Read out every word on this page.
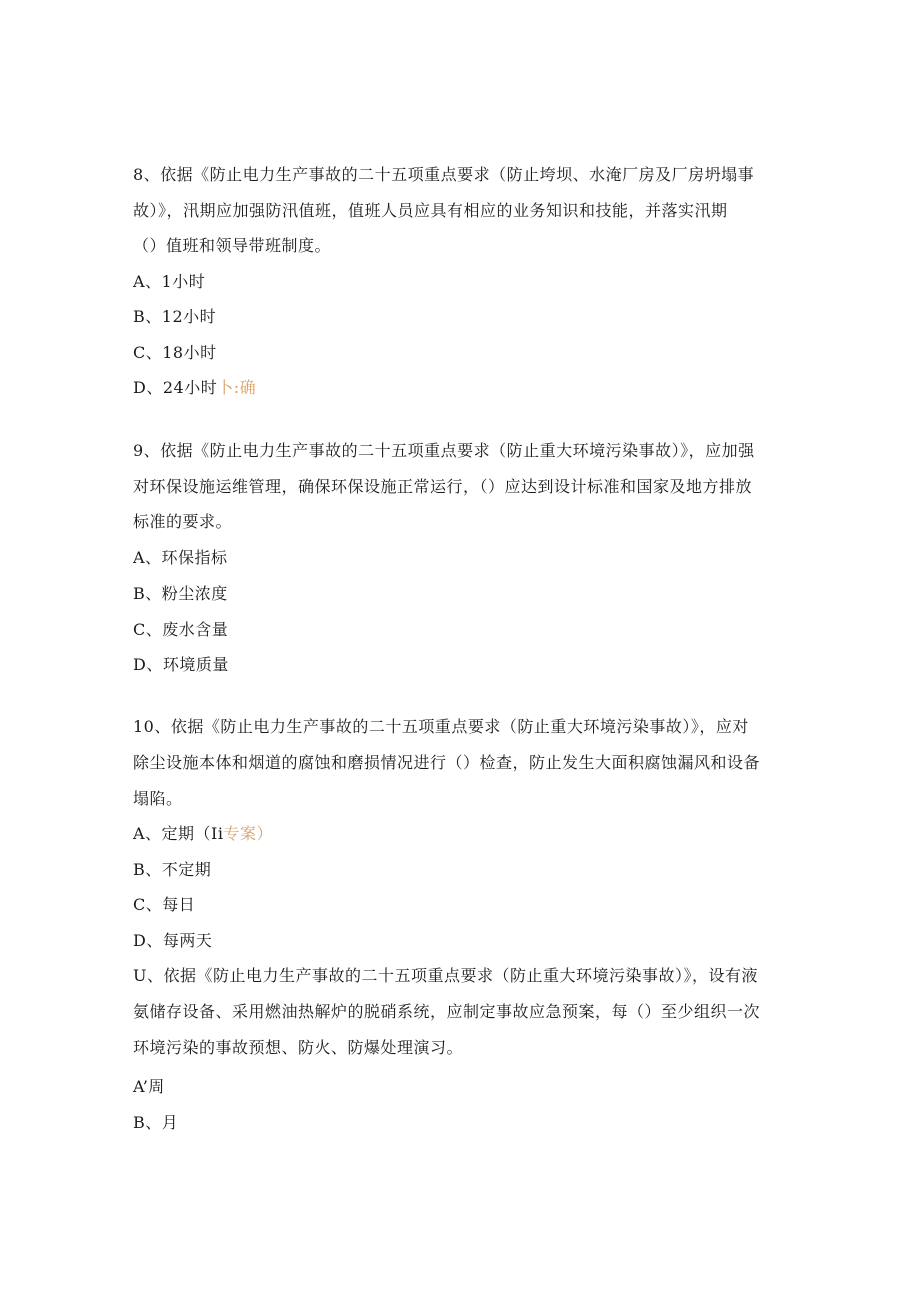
8、依据《防止电力生产事故的二十五项重点要求（防止垮坝、水淹厂房及厂房坍塌事
故）》，汛期应加强防汛值班，值班人员应具有相应的业务知识和技能，并落实汛期
（）值班和领导带班制度。
A、1小时
B、12小时
C、18小时
D、24小时卜:确
9、依据《防止电力生产事故的二十五项重点要求（防止重大环境污染事故）》，应加强
对环保设施运维管理，确保环保设施正常运行，（）应达到设计标准和国家及地方排放
标准的要求。
A、环保指标
B、粉尘浓度
C、废水含量
D、环境质量
10、依据《防止电力生产事故的二十五项重点要求（防止重大环境污染事故）》，应对
除尘设施本体和烟道的腐蚀和磨损情况进行（）检查，防止发生大面积腐蚀漏风和设备
塌陷。
A、定期（Ii专案）
B、不定期
C、每日
D、每两天
U、依据《防止电力生产事故的二十五项重点要求（防止重大环境污染事故）》，设有液
氨储存设备、采用燃油热解炉的脱硝系统，应制定事故应急预案，每（）至少组织一次
环境污染的事故预想、防火、防爆处理演习。
A’周
B、月
